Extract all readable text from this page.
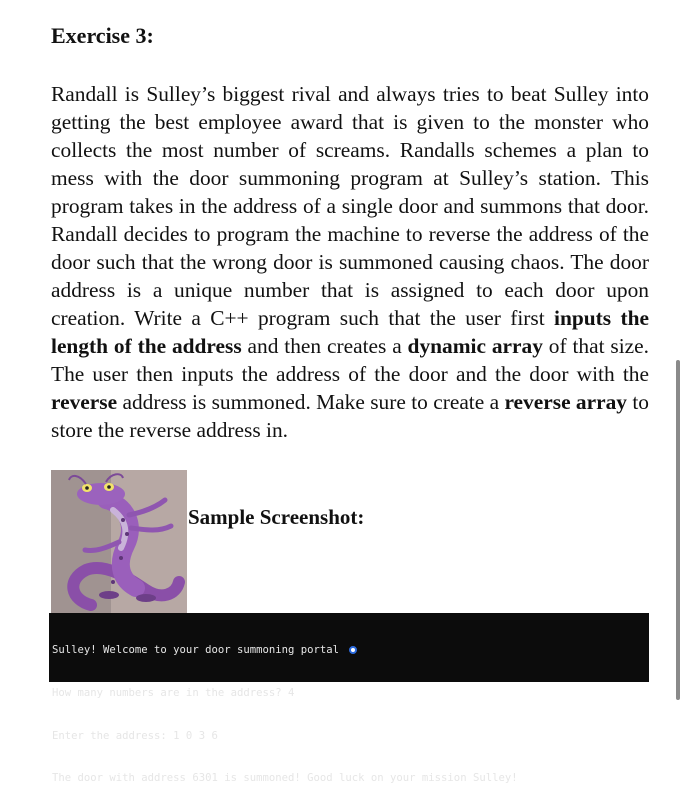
Exercise 3:

Randall is Sulley’s biggest rival and always tries to beat Sulley into getting the best employee award that is given to the monster who collects the most number of screams. Randalls schemes a plan to mess with the door summoning program at Sulley’s station. This program takes in the address of a single door and summons that door. Randall decides to program the machine to reverse the address of the door such that the wrong door is summoned causing chaos. The door address is a unique number that is assigned to each door upon creation. Write a C++ program such that the user first inputs the length of the address and then creates a dynamic array of that size. The user then inputs the address of the door and the door with the reverse address is summoned. Make sure to create a reverse array to store the reverse address in.

Sample Screenshot:

Sulley! Welcome to your door summoning portal

How many numbers are in the address? 4

Enter the address: 1 0 3 6

The door with address 6301 is summoned! Good luck on your mission Sulley!
